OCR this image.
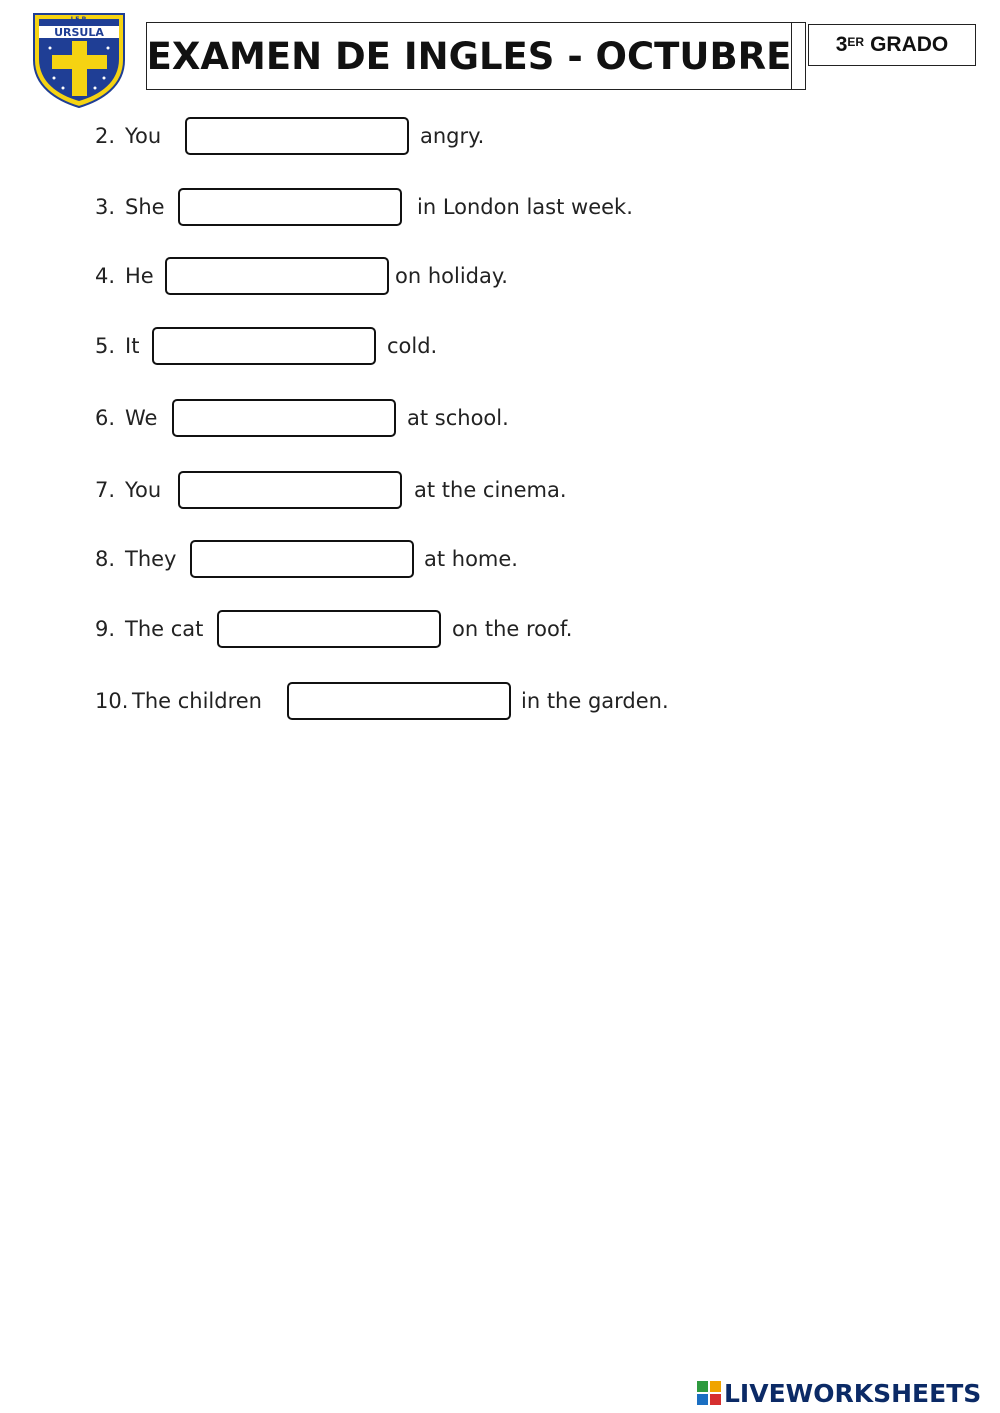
I.E.P.
URSULA
EXAMEN DE INGLES - OCTUBRE 3ER GRADO
2. You	angry.
3. She	in London last week.
4. He	on holiday.
5. It	cold.
6. We	at school.
7. You	at the cinema.
8. They	at home.
9. The cat	on the roof.
10. The children	in the garden.
LIVEWORKSHEETS
